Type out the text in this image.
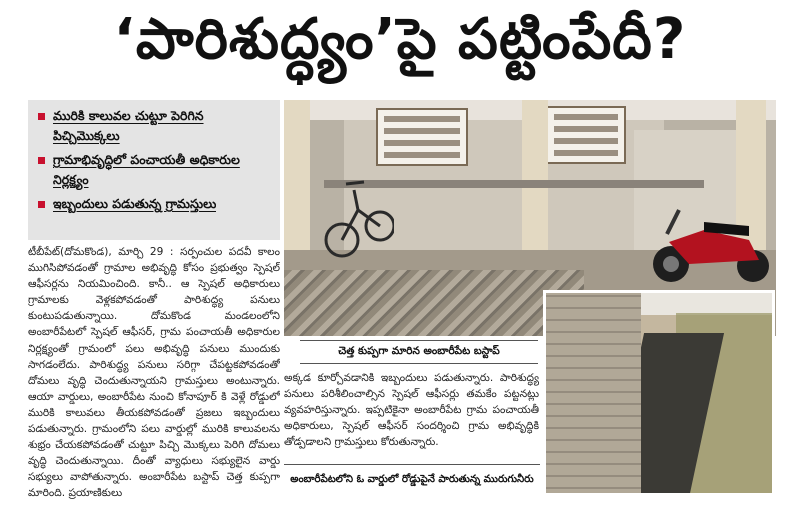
‘పారిశుద్ధ్యం’పై పట్టింపేదీ?
మురికి కాలువల చుట్టూ పెరిగిన పిచ్చిమొక్కలు
గ్రామాభివృద్ధిలో పంచాయతీ అధికారుల నిర్లక్ష్యం
ఇబ్బందులు పడుతున్న గ్రామస్తులు
టీబీపేట్(దోమకొండ), మార్చి 29 : సర్పంచుల పదవీ కాలం ముగిసిపోవడంతో గ్రామాల అభివృద్ధి కోసం ప్రభుత్వం స్పెషల్ ఆఫీసర్లను నియమించింది. కానీ.. ఆ స్పెషల్ అధికారులు గ్రామాలకు వెళ్లకపోవడంతో పారిశుద్ధ్య పనులు కుంటుపడుతున్నాయి. దోమకొండ మండలంలోని అంబారీపేటలో స్పెషల్ ఆఫీసర్, గ్రామ పంచాయతీ అధికారుల నిర్లక్ష్యంతో గ్రామంలో పలు అభివృద్ధి పనులు ముందుకు సాగడంలేదు. పారిశుద్ధ్య పనులు సరిగ్గా చేపట్టకపోవడంతో దోమలు వృద్ధి చెందుతున్నాయని గ్రామస్తులు అంటున్నారు. ఆయా వార్డులు, అంబారీపేట నుంచి కోనాపూర్ కి వెళ్లే రోడ్డులో మురికి కాలువలు తీయకపోవడంతో ప్రజలు ఇబ్బందులు పడుతున్నారు. గ్రామంలోని పలు వార్డుల్లో మురికి కాలువలను శుభ్రం చేయకపోవడంతో చుట్టూ పిచ్చి మొక్కలు పెరిగి దోమలు వృద్ధి చెందుతున్నాయి. దీంతో వ్యాధులు సభ్యులైన వార్డు సభ్యులు వాపోతున్నారు. అంబారీపేట బస్టాప్ చెత్త కుప్పగా మారింది. ప్రయాణికులు
చెత్త కుప్పగా మారిన అంబారీపేట బస్టాప్
అక్కడ కూర్చోవడానికి ఇబ్బందులు పడుతున్నారు. పారిశుద్ధ్య పనులు పరిశీలించాల్సిన స్పెషల్ ఆఫీసర్లు తమకేం పట్టనట్లు వ్యవహరిస్తున్నారు. ఇప్పటికైనా అంబారీపేట గ్రామ పంచాయతీ అధికారులు, స్పెషల్ ఆఫీసర్ సందర్శించి గ్రామ అభివృద్ధికి తోడ్పడాలని గ్రామస్తులు కోరుతున్నారు.
అంబారీపేటలోని ఓ వార్డులో రోడ్డుపైనే పారుతున్న మురుగునీరు
